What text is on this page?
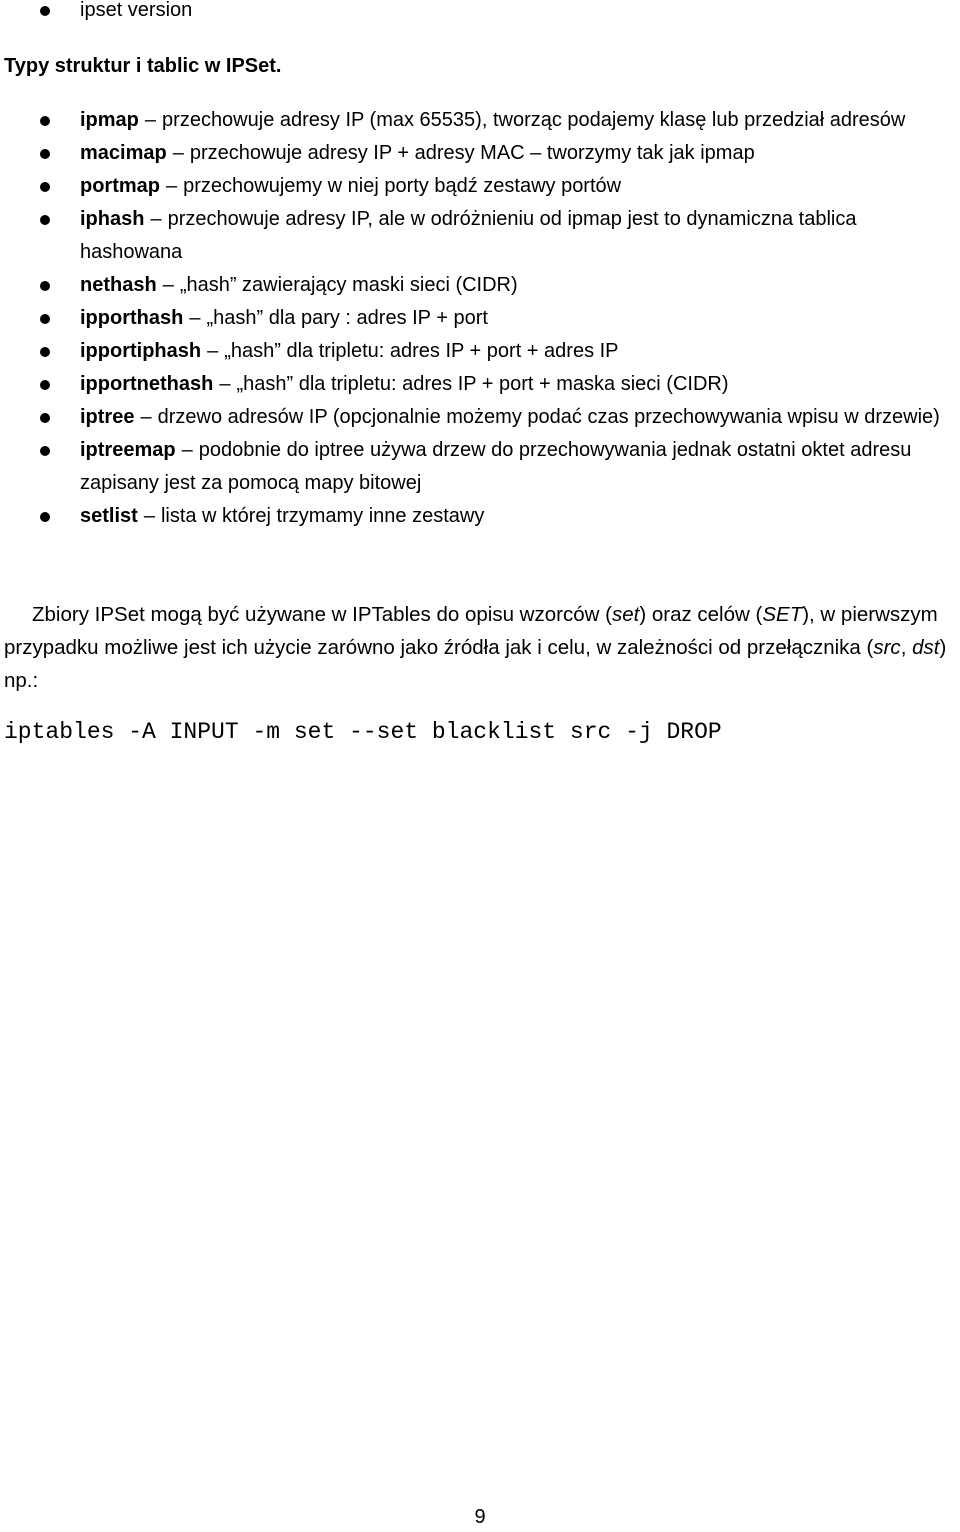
ipset version

Typy struktur i tablic w IPSet.

ipmap – przechowuje adresy IP (max 65535), tworząc podajemy klasę lub przedział adresów
macimap – przechowuje adresy IP + adresy MAC – tworzymy tak jak ipmap
portmap – przechowujemy w niej porty bądź zestawy portów
iphash – przechowuje adresy IP, ale w odróżnieniu od ipmap jest to dynamiczna tablica hashowana
nethash – „hash” zawierający maski sieci (CIDR)
ipporthash – „hash” dla pary : adres IP + port
ipportiphash – „hash” dla tripletu: adres IP + port + adres IP
ipportnethash – „hash” dla tripletu: adres IP + port + maska sieci (CIDR)
iptree – drzewo adresów IP (opcjonalnie możemy podać czas przechowywania wpisu w drzewie)
iptreemap – podobnie do iptree używa drzew do przechowywania jednak ostatni oktet adresu zapisany jest za pomocą mapy bitowej
setlist – lista w której trzymamy inne zestawy

Zbiory IPSet mogą być używane w IPTables do opisu wzorców (set) oraz celów (SET), w pierwszym przypadku możliwe jest ich użycie zarówno jako źródła jak i celu, w zależności od przełącznika (src, dst) np.:

iptables -A INPUT -m set --set blacklist src -j DROP

9
